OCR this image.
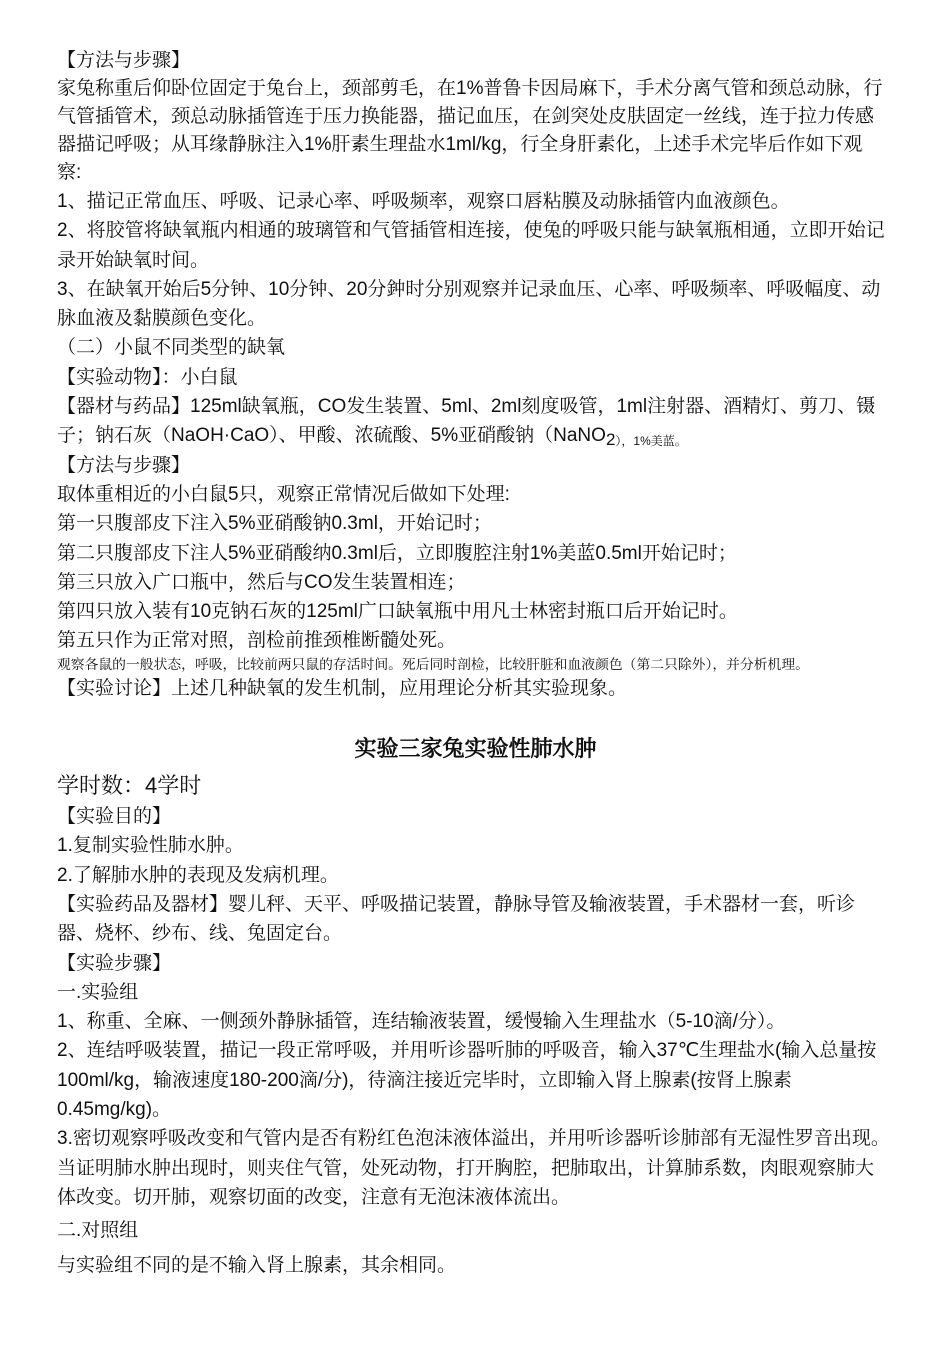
【方法与步骤】
家兔称重后仰卧位固定于兔台上，颈部剪毛，在1%普鲁卡因局麻下，手术分离气管和颈总动脉，行
气管插管术，颈总动脉插管连于压力换能器，描记血压，在剑突处皮肤固定一丝线，连于拉力传感
器描记呼吸；从耳缘静脉注入1%肝素生理盐水1ml/kg，行全身肝素化，上述手术完毕后作如下观
察:
1、描记正常血压、呼吸、记录心率、呼吸频率，观察口唇粘膜及动脉插管内血液颜色。
2、将胶管将缺氧瓶内相通的玻璃管和气管插管相连接，使兔的呼吸只能与缺氧瓶相通，立即开始记
录开始缺氧时间。
3、在缺氧开始后5分钟、10分钟、20分鈡时分别观察并记录血压、心率、呼吸频率、呼吸幅度、动
脉血液及黏膜颜色变化。
（二）小鼠不同类型的缺氧
【实验动物】：小白鼠
【器材与药品】125ml缺氧瓶，CO发生装置、5ml、2ml刻度吸管，1ml注射器、酒精灯、剪刀、镊
子；钠石灰（NaOH·CaO）、甲酸、浓硫酸、5%亚硝酸钠（$NaNO2_{),1\%美蓝。}$
【方法与步骤】
取体重相近的小白鼠5只，观察正常情况后做如下处理:
第一只腹部皮下注入5%亚硝酸钠0.3ml，开始记时；
第二只腹部皮下注人5%亚硝酸纳0.3ml后，立即腹腔注射1%美蓝0.5ml开始记时；
第三只放入广口瓶中，然后与CO发生装置相连；
第四只放入装有10克钠石灰的125ml广口缺氧瓶中用凡士林密封瓶口后开始记时。
第五只作为正常对照，剖检前推颈椎断髓处死。
观察各鼠的一般状态，呼吸，比较前两只鼠的存活时间。死后同时剖检，比较肝脏和血液颜色（第二只除外），并分析机理。
【实验讨论】上述几种缺氧的发生机制，应用理论分析其实验现象。
实验三家兔实验性肺水肿
学时数：4学时
【实验目的】
1.复制实验性肺水肿。
2.了解肺水肿的表现及发病机理。
【实验药品及器材】婴儿秤、天平、呼吸描记装置，静脉导管及输液装置，手术器材一套，听诊
器、烧杯、纱布、线、兔固定台。
【实验步骤】
一.实验组
1、称重、全麻、一侧颈外静脉插管，连结输液装置，缓慢输入生理盐水（5-10滴/分）。
2、连结呼吸装置，描记一段正常呼吸，并用听诊器听肺的呼吸音，输入37℃生理盐水(输入总量按
100ml/kg，输液速度180-200滴/分)，待滴注接近完毕时，立即输入肾上腺素(按肾上腺素
0.45mg/kg)。
3.密切观察呼吸改变和气管内是否有粉红色泡沫液体溢出，并用听诊器听诊肺部有无湿性罗音出现。
当证明肺水肿出现时，则夹住气管，处死动物，打开胸腔，把肺取出，计算肺系数，肉眼观察肺大
体改变。切开肺，观察切面的改变，注意有无泡沫液体流出。
二.对照组
与实验组不同的是不输入肾上腺素，其余相同。
